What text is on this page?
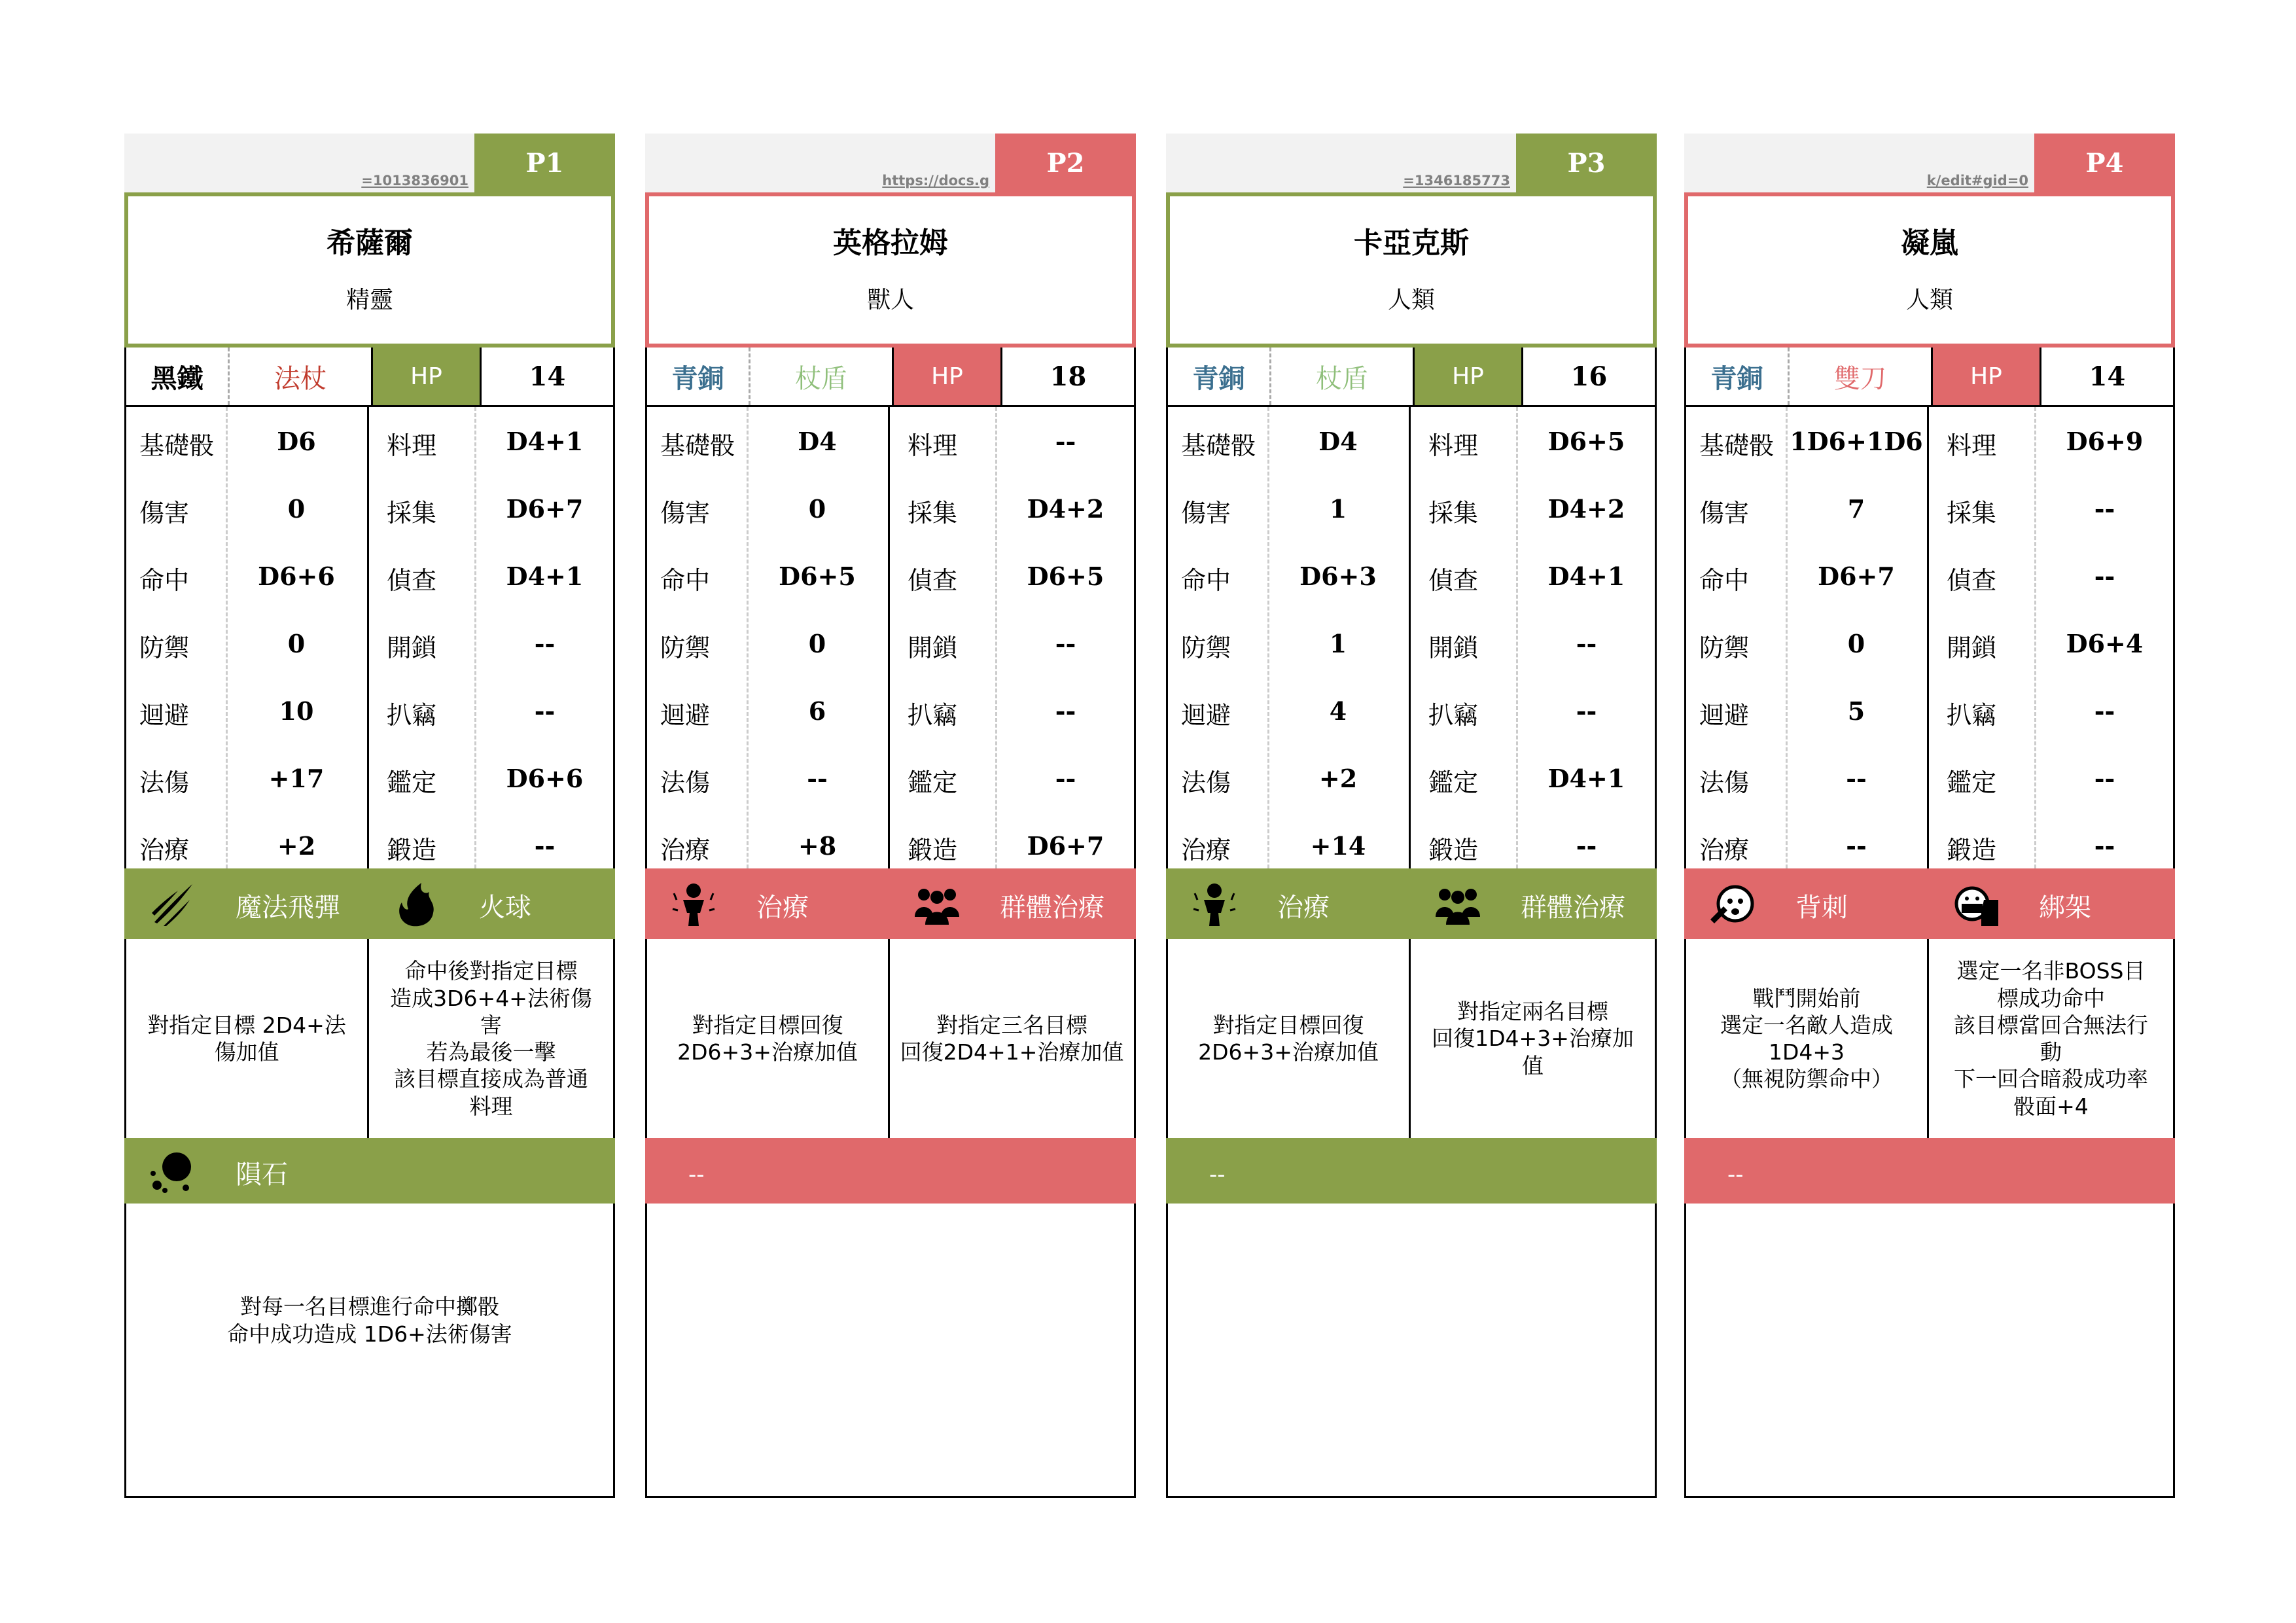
=1013836901
P1
希薩爾
精靈
黑鐵	法杖	HP	14
基礎骰	D6	料理	D4+1
傷害	0	採集	D6+7
命中	D6+6	偵查	D4+1
防禦	0	開鎖	--
迴避	10	扒竊	--
法傷	+17	鑑定	D6+6
治療	+2	鍛造	--
魔法飛彈	火球
對指定目標 2D4+法
傷加值
命中後對指定目標
造成3D6+4+法術傷
害
若為最後一擊
該目標直接成為普通
料理
隕石
對每一名目標進行命中擲骰
命中成功造成 1D6+法術傷害
https://docs.g
P2
英格拉姆
獸人
青銅	杖盾	HP	18
基礎骰	D4	料理	--
傷害	0	採集	D4+2
命中	D6+5	偵查	D6+5
防禦	0	開鎖	--
迴避	6	扒竊	--
法傷	--	鑑定	--
治療	+8	鍛造	D6+7
治療	群體治療
對指定目標回復
2D6+3+治療加值
對指定三名目標
回復2D4+1+治療加值
--
=1346185773
P3
卡亞克斯
人類
青銅	杖盾	HP	16
基礎骰	D4	料理	D6+5
傷害	1	採集	D4+2
命中	D6+3	偵查	D4+1
防禦	1	開鎖	--
迴避	4	扒竊	--
法傷	+2	鑑定	D4+1
治療	+14	鍛造	--
治療	群體治療
對指定目標回復
2D6+3+治療加值
對指定兩名目標
回復1D4+3+治療加
值
--
k/edit#gid=0
P4
凝嵐
人類
青銅	雙刀	HP	14
基礎骰 1D6+1D6 料理	D6+9
傷害	7	採集	--
命中	D6+7	偵查	--
防禦	0	開鎖	D6+4
迴避	5	扒竊	--
法傷	--	鑑定	--
治療	--	鍛造	--
背刺	綁架
戰鬥開始前
選定一名敵人造成
1D4+3
（無視防禦命中）
選定一名非BOSS目
標成功命中
該目標當回合無法行
動
下一回合暗殺成功率
骰面+4
--
